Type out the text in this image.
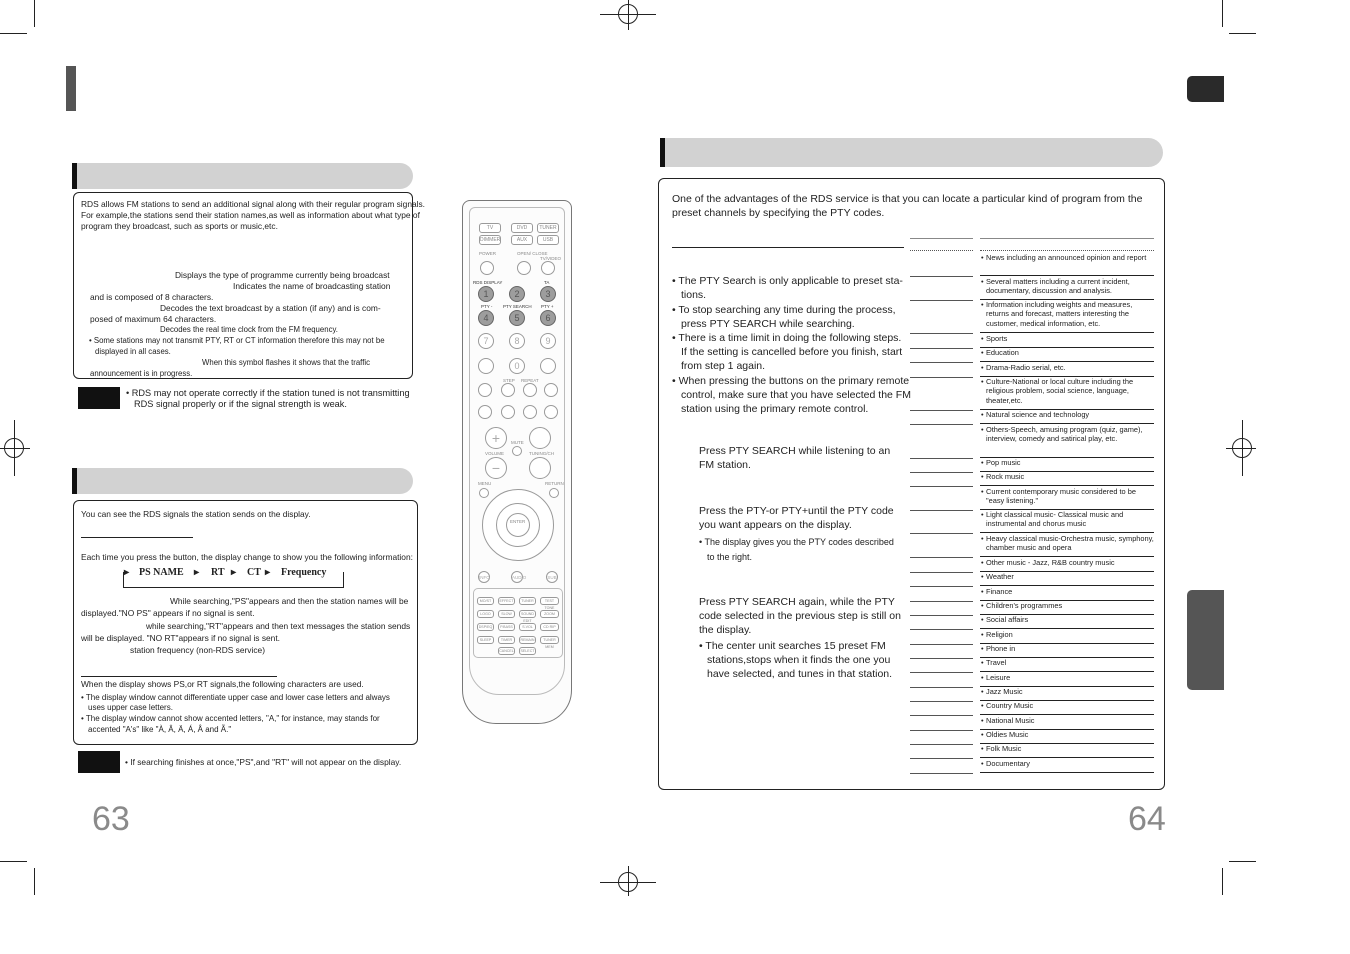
RDS allows FM stations to send an additional signal along with their regular program signals.
For example,the stations send their station names,as well as information about what type of
program they broadcast, such as sports or music,etc.
Displays the type of programme currently being broadcast
Indicates the name of broadcasting station
and is composed of 8 characters.
Decodes the text broadcast by a station (if any) and is com-
posed of maximum 64 characters.
Decodes the real time clock from the FM frequency.
• Some stations may not transmit PTY, RT or CT information therefore this may not be
displayed in all cases.
When this symbol flashes it shows that the traffic
announcement is in progress.
• RDS may not operate correctly if the station tuned is not transmitting
RDS signal properly or if the signal strength is weak.
You can see the RDS signals the station sends on the display.
Each time you press the button, the display change to show you the following information:
▸ PS NAME ▸ RT ▸ CT ▸ Frequency
While searching,"PS"appears and then the station names will be
displayed."NO PS" appears if no signal is sent.
while searching,"RT"appears and then text messages the station sends
will be displayed. "NO RT"appears if no signal is sent.
station frequency (non-RDS service)
When the display shows PS,or RT signals,the following characters are used.
• The display window cannot differentiate upper case and lower case letters and always
uses upper case letters.
• The display window cannot show accented letters, "A," for instance, may stands for
accented "A's" like "À, Â, Ä, Á, Å and Ã."
• If searching finishes at once,"PS",and "RT" will not appear on the display.
63
TV	DVD	TUNER
DIMMER	AUX	USB
POWER	OPEN/ CLOSE
TV/VIDEO
RDS DISPLAY	TA
1	2	3
PTY - PTY SEARCH PTY +
4	5	6
7	8	9
0
STEP REPEAT
+	MUTE
VOLUME	TUNING/CH
−
MENU	RETURN
ENTER
INFO	AUDIO	SUB
MO/ST	EFFECT	TUNER	TEST TONE
LOGO	SLOW	SOUND EDIT
ZOOM
DSP/EQ	P.BASS	S.VOL	CD RIP
SLEEP	TIMER	REMAIN	TUNER MEM
CANCEL	SELECT
One of the advantages of the RDS service is that you can locate a particular kind of program from the
preset channels by specifying the PTY codes.
• The PTY Search is only applicable to preset sta-
tions.
• To stop searching any time during the process,
press PTY SEARCH while searching.
• There is a time limit in doing the following steps.
If the setting is cancelled before you finish, start
from step 1 again.
• When pressing the buttons on the primary remote
control, make sure that you have selected the FM
station using the primary remote control.
Press PTY SEARCH while listening to an
FM station.
Press the PTY-or PTY+until the PTY code
you want appears on the display.
• The display gives you the PTY codes described
to the right.
Press PTY SEARCH again, while the PTY
code selected in the previous step is still on
the display.
• The center unit searches 15 preset FM
stations,stops when it finds the one you
have selected, and tunes in that station.
• News including an announced opinion and report
• Several matters including a current incident, documentary, discussion and analysis.
• Information including weights and measures, returns and forecast, matters interesting the customer, medical information, etc.
• Sports
• Education
• Drama-Radio serial, etc.
• Culture-National or local culture including the religious problem, social science, language, theater,etc.
• Natural science and technology
• Others-Speech, amusing program (quiz, game), interview, comedy and satirical play, etc.
• Pop music
• Rock music
• Current contemporary music considered to be "easy listening."
• Light classical music- Classical music and instrumental and chorus music
• Heavy classical music-Orchestra music, symphony, chamber music and opera
• Other music - Jazz, R&B country music
• Weather
• Finance
• Children's programmes
• Social affairs
• Religion
• Phone in
• Travel
• Leisure
• Jazz Music
• Country Music
• National Music
• Oldies Music
• Folk Music
• Documentary
64
